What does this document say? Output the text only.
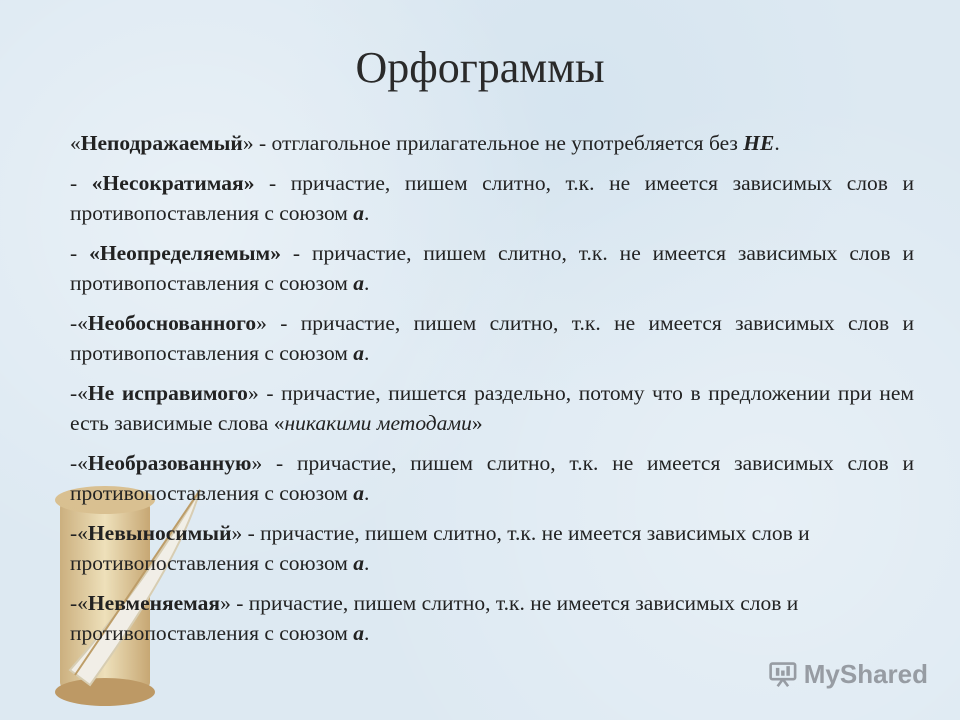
Орфограммы

«Неподражаемый» - отглагольное прилагательное не употребляется без НЕ.

- «Несократимая» - причастие, пишем слитно, т.к. не имеется зависимых слов и противопоставления с союзом а.

- «Неопределяемым» - причастие, пишем слитно, т.к. не имеется зависимых слов и противопоставления с союзом а.

-«Необоснованного» - причастие, пишем слитно, т.к. не имеется зависимых слов и противопоставления с союзом а.

-«Не исправимого» - причастие, пишется раздельно, потому что в предложении при нем есть зависимые слова «никакими методами»

-«Необразованную» - причастие, пишем слитно, т.к. не имеется зависимых слов и противопоставления с союзом а.

-«Невыносимый» - причастие, пишем слитно, т.к. не имеется зависимых слов и противопоставления с союзом а.

-«Невменяемая» - причастие, пишем слитно, т.к. не имеется зависимых слов и противопоставления с союзом а.

MyShared
